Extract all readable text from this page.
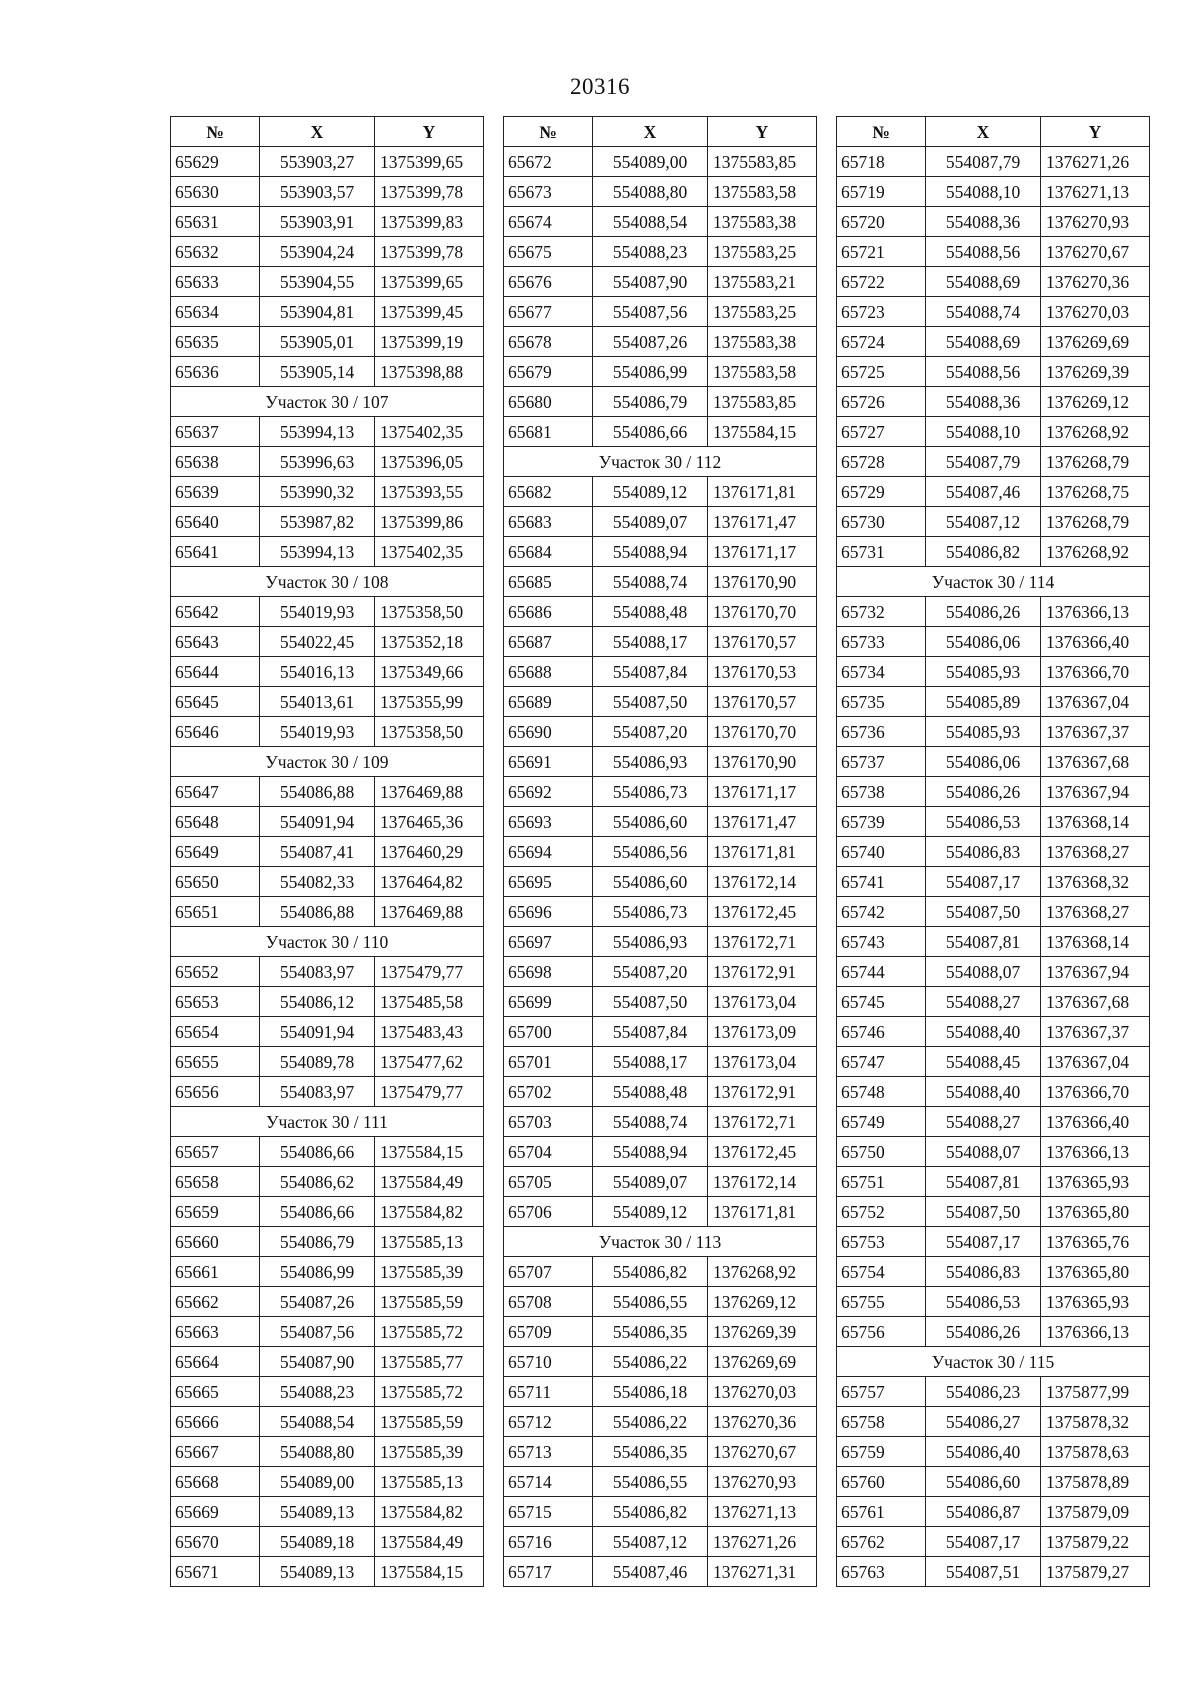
20316
№	X	Y
65629	553903,27	1375399,65
65630	553903,57	1375399,78
65631	553903,91	1375399,83
65632	553904,24	1375399,78
65633	553904,55	1375399,65
65634	553904,81	1375399,45
65635	553905,01	1375399,19
65636	553905,14	1375398,88
Участок 30 / 107		
65637	553994,13	1375402,35
65638	553996,63	1375396,05
65639	553990,32	1375393,55
65640	553987,82	1375399,86
65641	553994,13	1375402,35
Участок 30 / 108		
65642	554019,93	1375358,50
65643	554022,45	1375352,18
65644	554016,13	1375349,66
65645	554013,61	1375355,99
65646	554019,93	1375358,50
Участок 30 / 109		
65647	554086,88	1376469,88
65648	554091,94	1376465,36
65649	554087,41	1376460,29
65650	554082,33	1376464,82
65651	554086,88	1376469,88
Участок 30 / 110		
65652	554083,97	1375479,77
65653	554086,12	1375485,58
65654	554091,94	1375483,43
65655	554089,78	1375477,62
65656	554083,97	1375479,77
Участок 30 / 111		
65657	554086,66	1375584,15
65658	554086,62	1375584,49
65659	554086,66	1375584,82
65660	554086,79	1375585,13
65661	554086,99	1375585,39
65662	554087,26	1375585,59
65663	554087,56	1375585,72
65664	554087,90	1375585,77
65665	554088,23	1375585,72
65666	554088,54	1375585,59
65667	554088,80	1375585,39
65668	554089,00	1375585,13
65669	554089,13	1375584,82
65670	554089,18	1375584,49
65671	554089,13	1375584,15
№	X	Y
65672	554089,00	1375583,85
65673	554088,80	1375583,58
65674	554088,54	1375583,38
65675	554088,23	1375583,25
65676	554087,90	1375583,21
65677	554087,56	1375583,25
65678	554087,26	1375583,38
65679	554086,99	1375583,58
65680	554086,79	1375583,85
65681	554086,66	1375584,15
Участок 30 / 112		
65682	554089,12	1376171,81
65683	554089,07	1376171,47
65684	554088,94	1376171,17
65685	554088,74	1376170,90
65686	554088,48	1376170,70
65687	554088,17	1376170,57
65688	554087,84	1376170,53
65689	554087,50	1376170,57
65690	554087,20	1376170,70
65691	554086,93	1376170,90
65692	554086,73	1376171,17
65693	554086,60	1376171,47
65694	554086,56	1376171,81
65695	554086,60	1376172,14
65696	554086,73	1376172,45
65697	554086,93	1376172,71
65698	554087,20	1376172,91
65699	554087,50	1376173,04
65700	554087,84	1376173,09
65701	554088,17	1376173,04
65702	554088,48	1376172,91
65703	554088,74	1376172,71
65704	554088,94	1376172,45
65705	554089,07	1376172,14
65706	554089,12	1376171,81
Участок 30 / 113		
65707	554086,82	1376268,92
65708	554086,55	1376269,12
65709	554086,35	1376269,39
65710	554086,22	1376269,69
65711	554086,18	1376270,03
65712	554086,22	1376270,36
65713	554086,35	1376270,67
65714	554086,55	1376270,93
65715	554086,82	1376271,13
65716	554087,12	1376271,26
65717	554087,46	1376271,31
№	X	Y
65718	554087,79	1376271,26
65719	554088,10	1376271,13
65720	554088,36	1376270,93
65721	554088,56	1376270,67
65722	554088,69	1376270,36
65723	554088,74	1376270,03
65724	554088,69	1376269,69
65725	554088,56	1376269,39
65726	554088,36	1376269,12
65727	554088,10	1376268,92
65728	554087,79	1376268,79
65729	554087,46	1376268,75
65730	554087,12	1376268,79
65731	554086,82	1376268,92
Участок 30 / 114		
65732	554086,26	1376366,13
65733	554086,06	1376366,40
65734	554085,93	1376366,70
65735	554085,89	1376367,04
65736	554085,93	1376367,37
65737	554086,06	1376367,68
65738	554086,26	1376367,94
65739	554086,53	1376368,14
65740	554086,83	1376368,27
65741	554087,17	1376368,32
65742	554087,50	1376368,27
65743	554087,81	1376368,14
65744	554088,07	1376367,94
65745	554088,27	1376367,68
65746	554088,40	1376367,37
65747	554088,45	1376367,04
65748	554088,40	1376366,70
65749	554088,27	1376366,40
65750	554088,07	1376366,13
65751	554087,81	1376365,93
65752	554087,50	1376365,80
65753	554087,17	1376365,76
65754	554086,83	1376365,80
65755	554086,53	1376365,93
65756	554086,26	1376366,13
Участок 30 / 115		
65757	554086,23	1375877,99
65758	554086,27	1375878,32
65759	554086,40	1375878,63
65760	554086,60	1375878,89
65761	554086,87	1375879,09
65762	554087,17	1375879,22
65763	554087,51	1375879,27
